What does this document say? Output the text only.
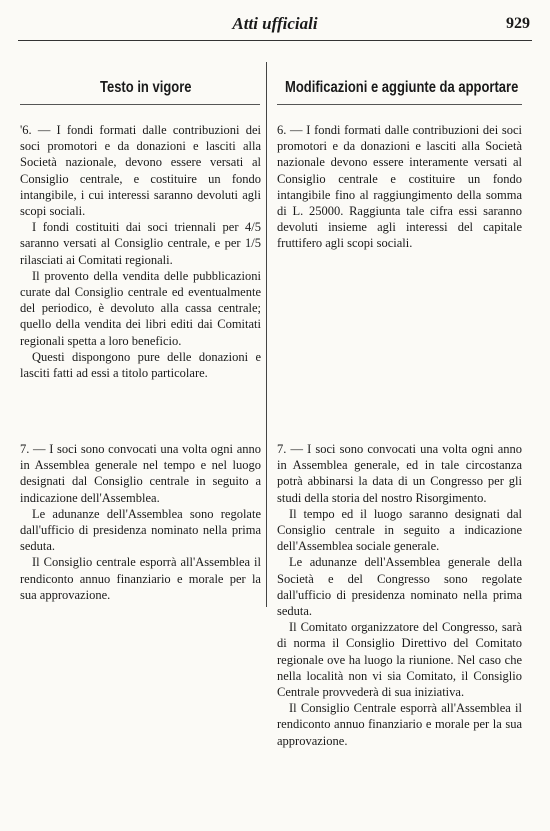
Atti ufficiali	929
Testo in vigore	Modificazioni e aggiunte da apportare

'6. — I fondi formati dalle contribuzioni dei soci promotori e da donazioni e lasciti alla Società nazionale, devono essere versati al Consiglio centrale, e costituire un fondo intangibile, i cui interessi saranno devoluti agli scopi sociali.

I fondi costituiti dai soci triennali per 4/5 saranno versati al Consiglio centrale, e per 1/5 rilasciati ai Comitati regionali.

Il provento della vendita delle pubblicazioni curate dal Consiglio centrale ed eventualmente del periodico, è devoluto alla cassa centrale; quello della vendita dei libri editi dai Comitati regionali spetta a loro beneficio.

Questi dispongono pure delle donazioni e lasciti fatti ad essi a titolo particolare.

7. — I soci sono convocati una volta ogni anno in Assemblea generale nel tempo e nel luogo designati dal Consiglio centrale in seguito a indicazione dell'Assemblea.

Le adunanze dell'Assemblea sono regolate dall'ufficio di presidenza nominato nella prima seduta.

Il Consiglio centrale esporrà all'Assemblea il rendiconto annuo finanziario e morale per la sua approvazione.

6. — I fondi formati dalle contribuzioni dei soci promotori e da donazioni e lasciti alla Società nazionale devono essere interamente versati al Consiglio centrale e costituire un fondo intangibile fino al raggiungimento della somma di L. 25000. Raggiunta tale cifra essi saranno devoluti insieme agli interessi del capitale fruttifero agli scopi sociali.

7. — I soci sono convocati una volta ogni anno in Assemblea generale, ed in tale circostanza potrà abbinarsi la data di un Congresso per gli studi della storia del nostro Risorgimento.

Il tempo ed il luogo saranno designati dal Consiglio centrale in seguito a indicazione dell'Assemblea sociale generale.

Le adunanze dell'Assemblea generale della Società e del Congresso sono regolate dall'ufficio di presidenza nominato nella prima seduta.

Il Comitato organizzatore del Congresso, sarà di norma il Consiglio Direttivo del Comitato regionale ove ha luogo la riunione. Nel caso che nella località non vi sia Comitato, il Consiglio Centrale provvederà di sua iniziativa.

Il Consiglio Centrale esporrà all'Assemblea il rendiconto annuo finanziario e morale per la sua approvazione.
